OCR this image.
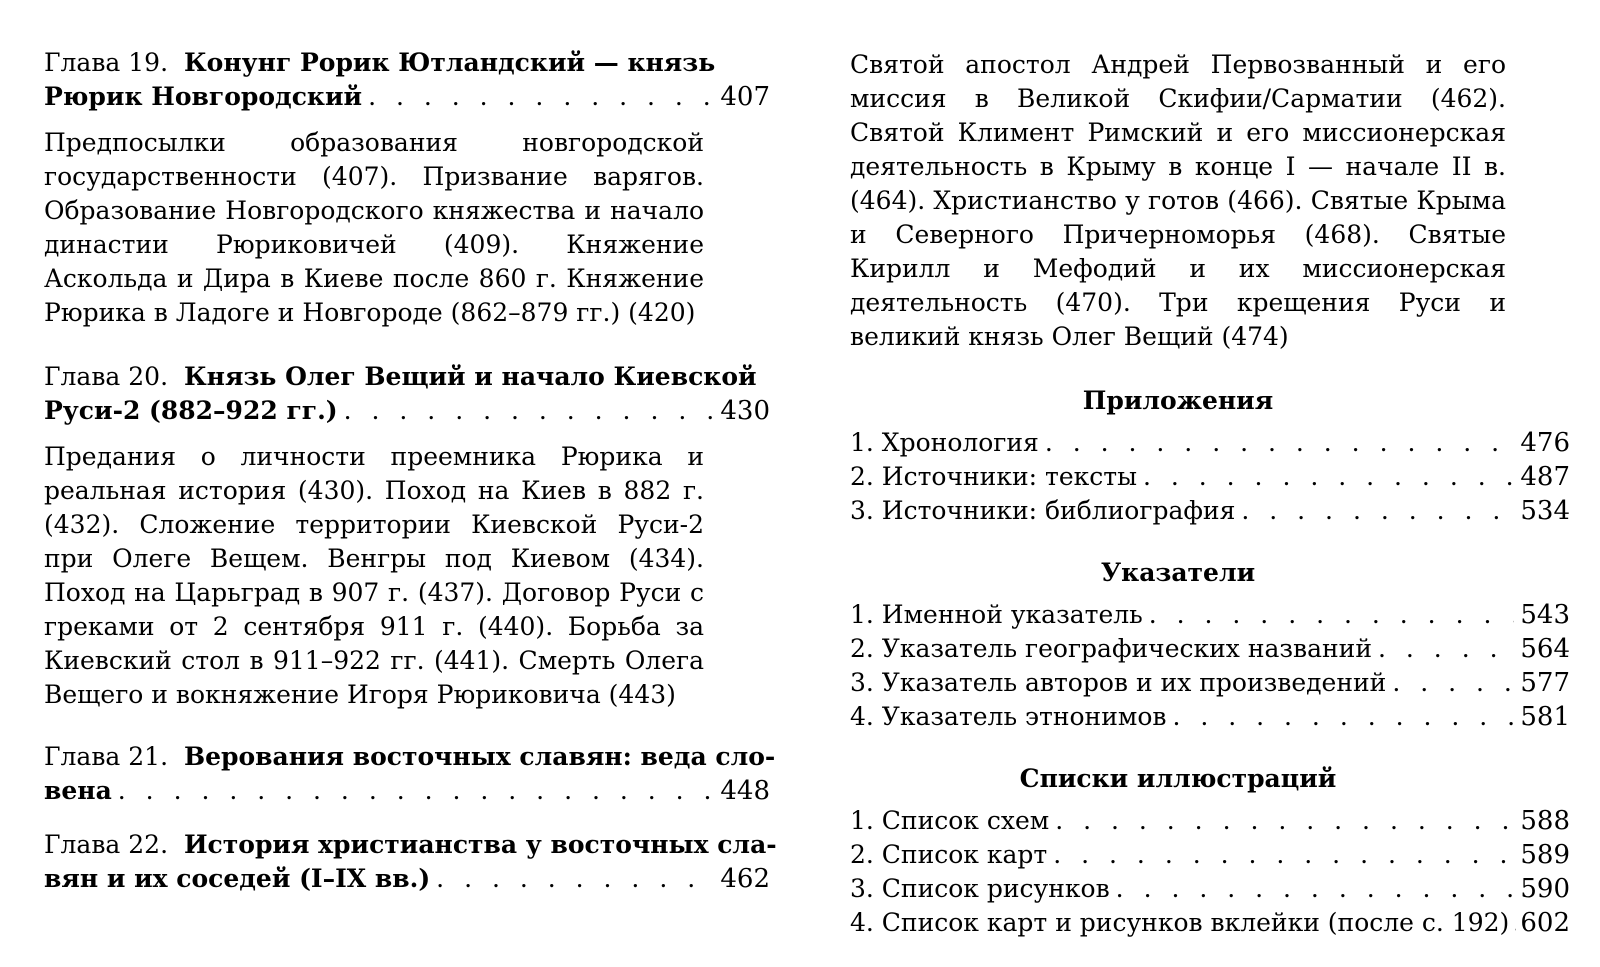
Глава 19. Конунг Рорик Ютландский — князь
Рюрик Новгородский . . .	407

Предпосылки образования новгородской государственности (407). Призвание варягов. Образование Новгородского княжества и начало династии Рюриковичей (409). Княжение Аскольда и Дира в Киеве после 860 г. Княжение Рюрика в Ладоге и Новгороде (862–879 гг.) (420)

Глава 20. Князь Олег Вещий и начало Киевской
Руси-2 (882–922 гг.) . . .	430

Предания о личности преемника Рюрика и реальная история (430). Поход на Киев в 882 г. (432). Сложение территории Киевской Руси-2 при Олеге Вещем. Венгры под Киевом (434). Поход на Царьград в 907 г. (437). Договор Руси с греками от 2 сентября 911 г. (440). Борьба за Киевский стол в 911–922 гг. (441). Смерть Олега Вещего и вокняжение Игоря Рюриковича (443)

Глава 21. Верования восточных славян: веда сло-
вена . . .	448
Глава 22. История христианства у восточных сла-
вян и их соседей (I–IX вв.) . . .	462

Святой апостол Андрей Первозванный и его миссия в Великой Скифии/Сарматии (462). Святой Климент Римский и его миссионерская деятельность в Крыму в конце I — начале II в. (464). Христианство у готов (466). Святые Крыма и Северного Причерноморья (468). Святые Кирилл и Мефодий и их миссионерская деятельность (470). Три крещения Руси и великий князь Олег Вещий (474)

Приложения
1. Хронология . . .	476
2. Источники: тексты . . .	487
3. Источники: библиография . . .	534
Указатели
1. Именной указатель . . .	543
2. Указатель географических названий . . .	564
3. Указатель авторов и их произведений . . .	577
4. Указатель этнонимов . . .	581
Списки иллюстраций
1. Список схем . . .	588
2. Список карт . . .	589
3. Список рисунков . . .	590
4. Список карт и рисунков вклейки (после с. 192) . . . 602
